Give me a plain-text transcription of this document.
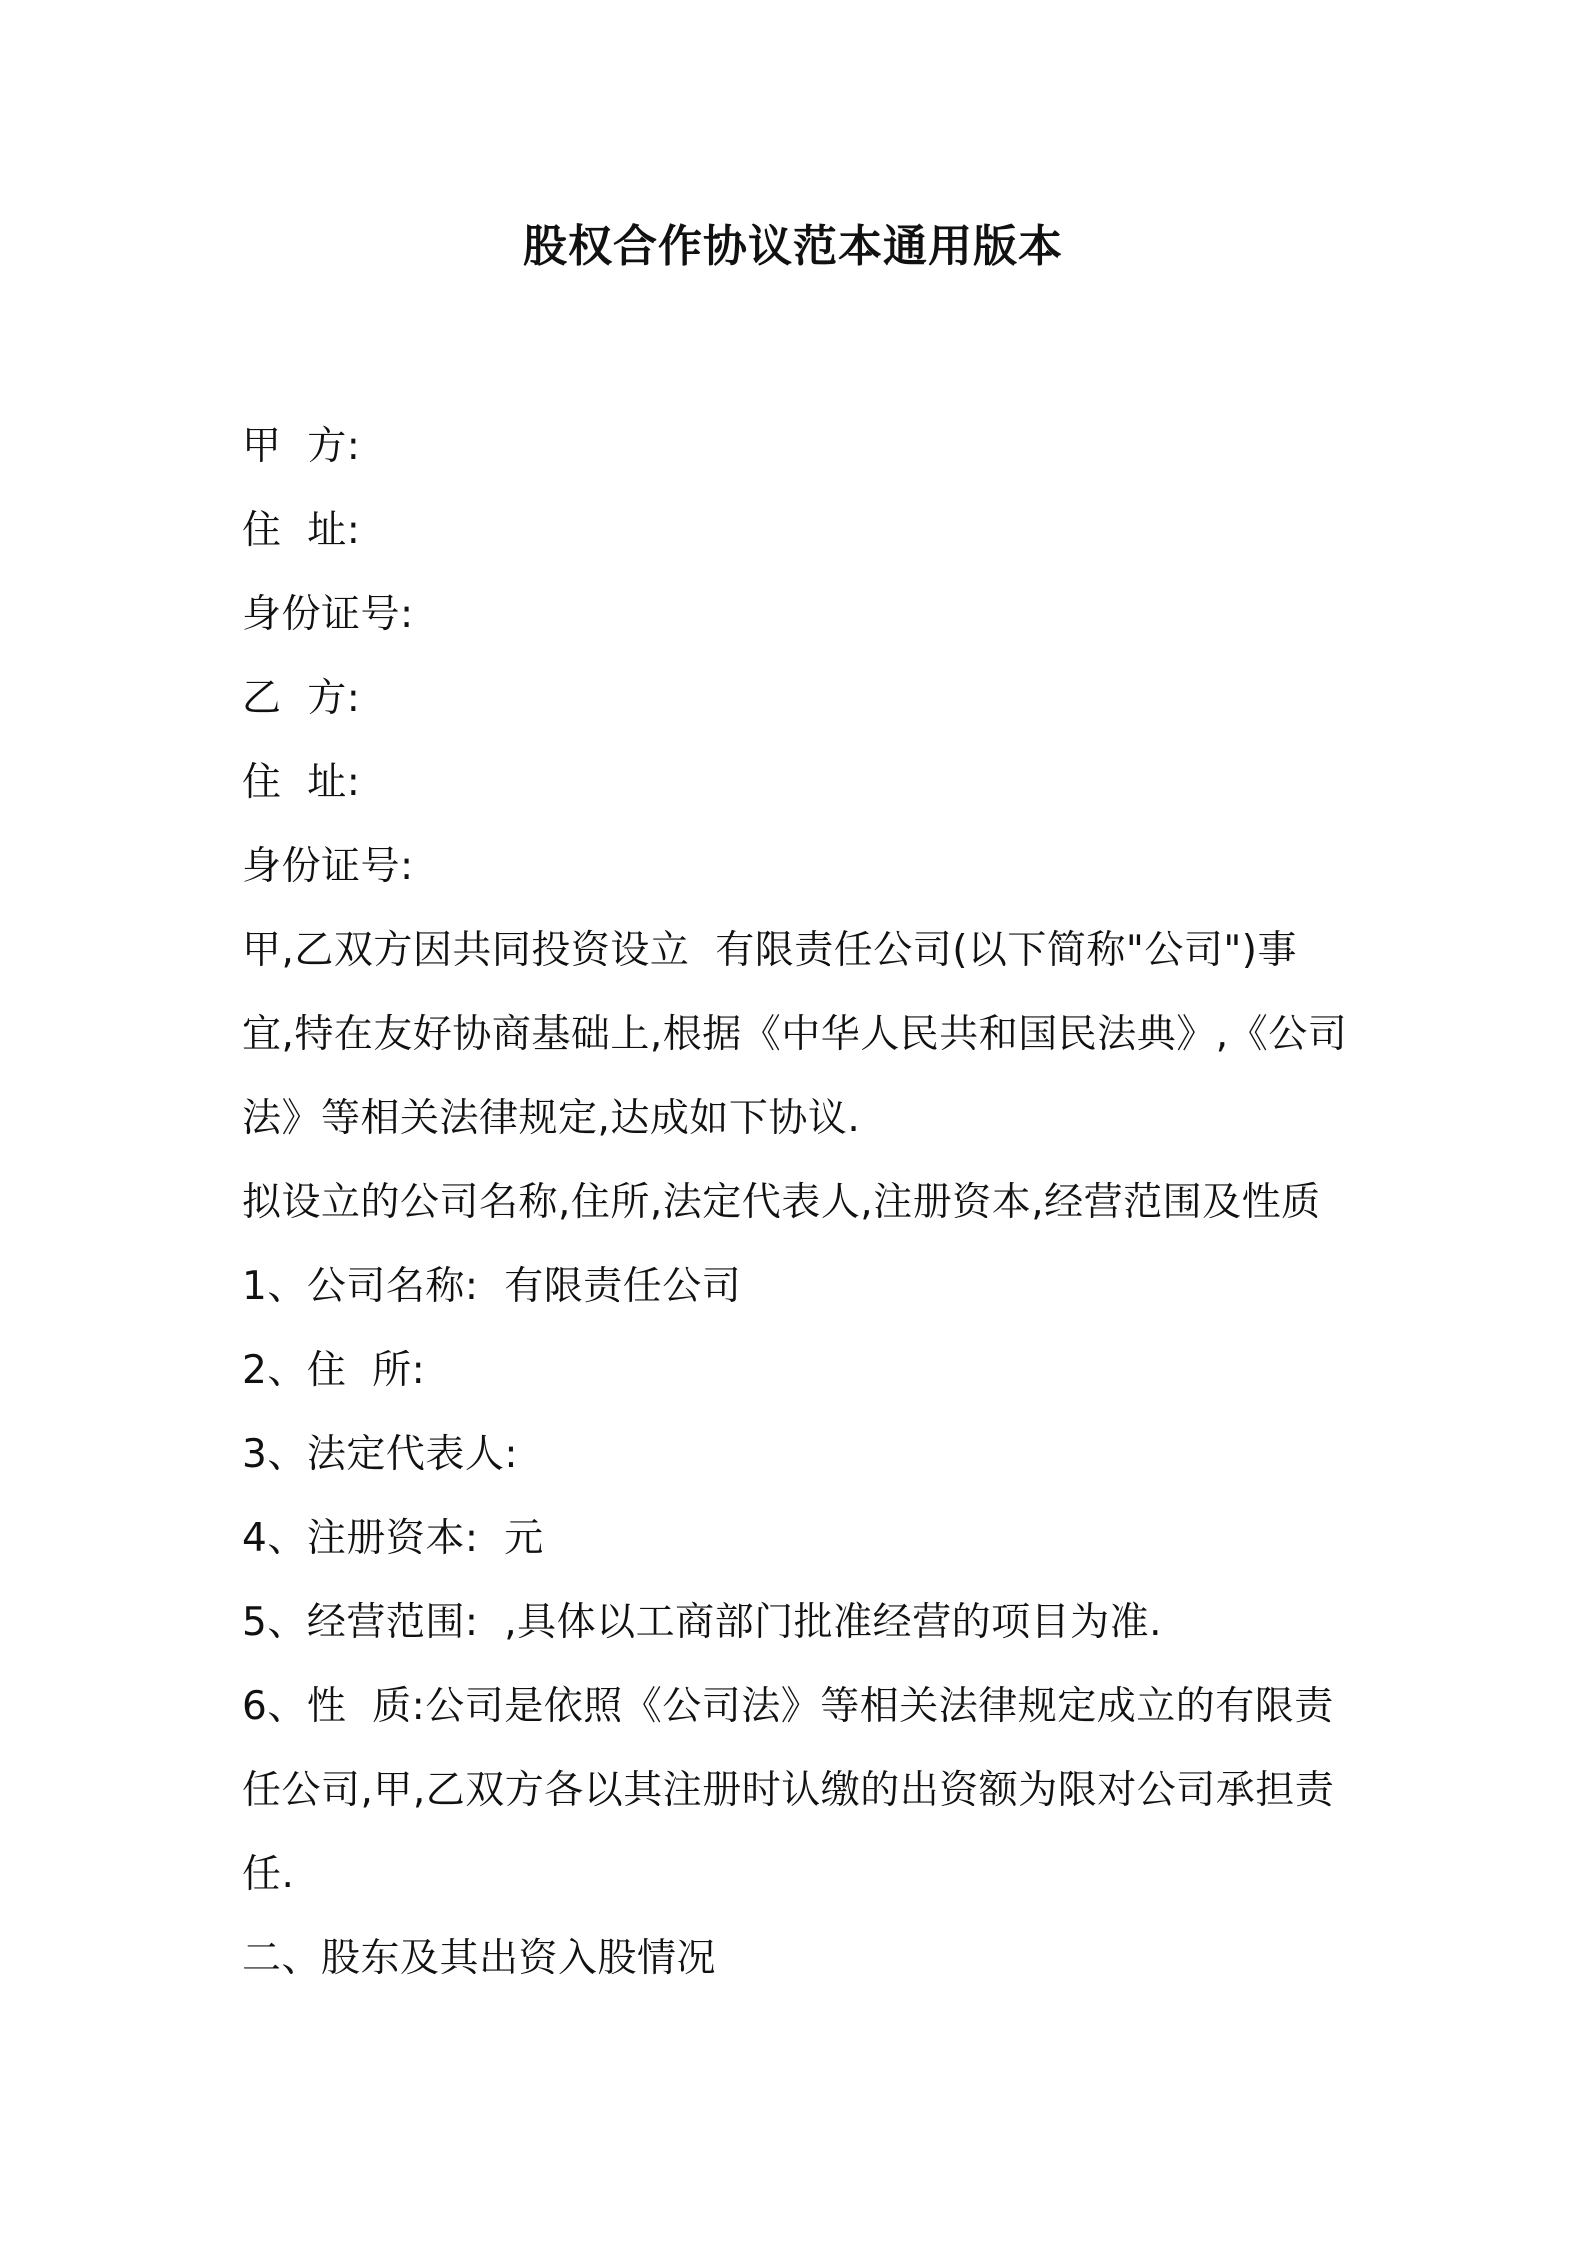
股权合作协议范本通用版本
甲  方:
住  址:
身份证号:
乙  方:
住  址:
身份证号:
甲,乙双方因共同投资设立  有限责任公司(以下简称"公司")事
宜,特在友好协商基础上,根据《中华人民共和国民法典》,《公司
法》等相关法律规定,达成如下协议.
拟设立的公司名称,住所,法定代表人,注册资本,经营范围及性质
1、公司名称:  有限责任公司
2、住  所:
3、法定代表人:
4、注册资本:  元
5、经营范围:  ,具体以工商部门批准经营的项目为准.
6、性  质:公司是依照《公司法》等相关法律规定成立的有限责
任公司,甲,乙双方各以其注册时认缴的出资额为限对公司承担责
任.
二、股东及其出资入股情况
